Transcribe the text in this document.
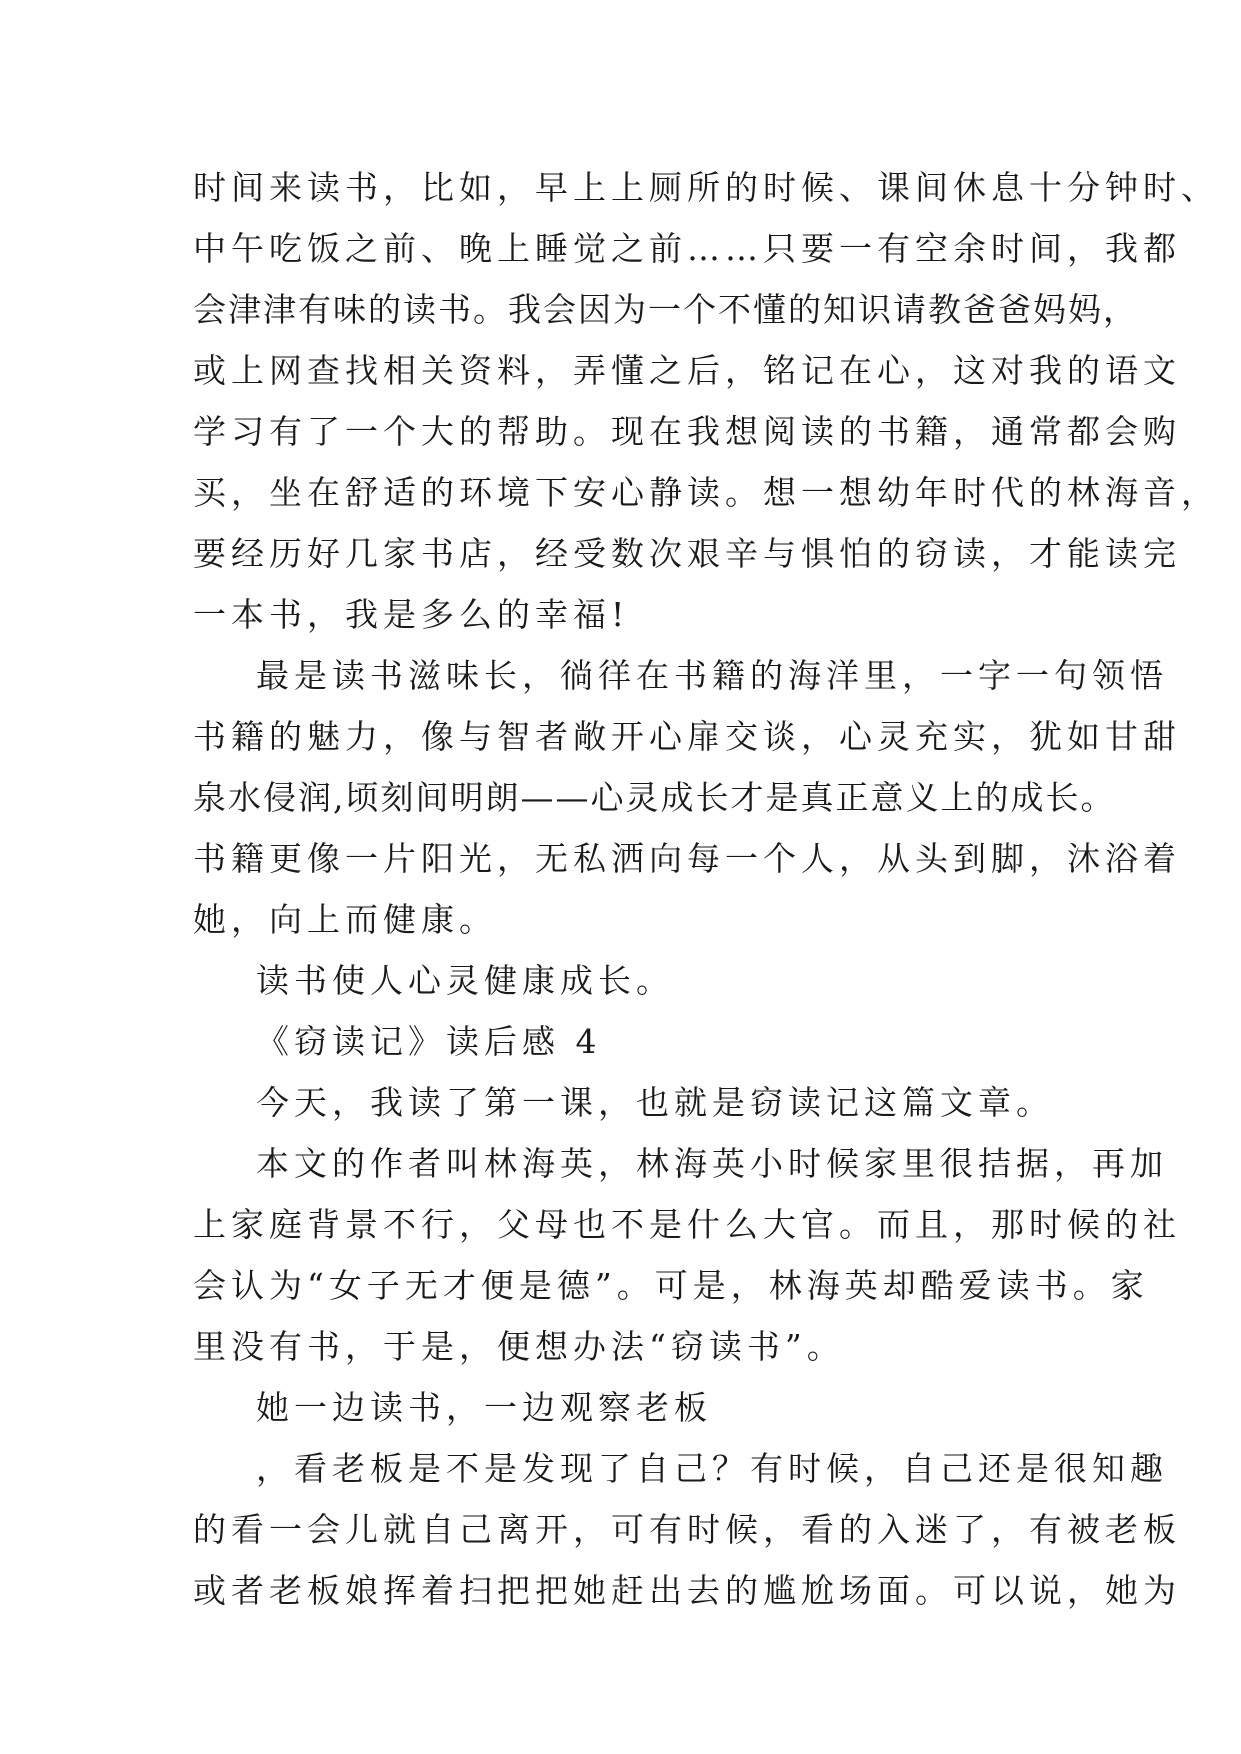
时间来读书，比如，早上上厕所的时候、课间休息十分钟时、
中午吃饭之前、晚上睡觉之前……只要一有空余时间，我都
会津津有味的读书。我会因为一个不懂的知识请教爸爸妈妈，
或上网查找相关资料，弄懂之后，铭记在心，这对我的语文
学习有了一个大的帮助。现在我想阅读的书籍，通常都会购
买，坐在舒适的环境下安心静读。想一想幼年时代的林海音，
要经历好几家书店，经受数次艰辛与惧怕的窃读，才能读完
一本书，我是多么的幸福!
最是读书滋味长，徜徉在书籍的海洋里，一字一句领悟
书籍的魅力，像与智者敞开心扉交谈，心灵充实，犹如甘甜
泉水侵润,顷刻间明朗——心灵成长才是真正意义上的成长。
书籍更像一片阳光，无私洒向每一个人，从头到脚，沐浴着
她，向上而健康。
读书使人心灵健康成长。
《窃读记》读后感 4
今天，我读了第一课，也就是窃读记这篇文章。
本文的作者叫林海英，林海英小时候家里很拮据，再加
上家庭背景不行，父母也不是什么大官。而且，那时候的社
会认为“女子无才便是德”。可是，林海英却酷爱读书。家
里没有书，于是，便想办法“窃读书”。
她一边读书，一边观察老板
，看老板是不是发现了自己？有时候，自己还是很知趣
的看一会儿就自己离开，可有时候，看的入迷了，有被老板
或者老板娘挥着扫把把她赶出去的尴尬场面。可以说，她为
